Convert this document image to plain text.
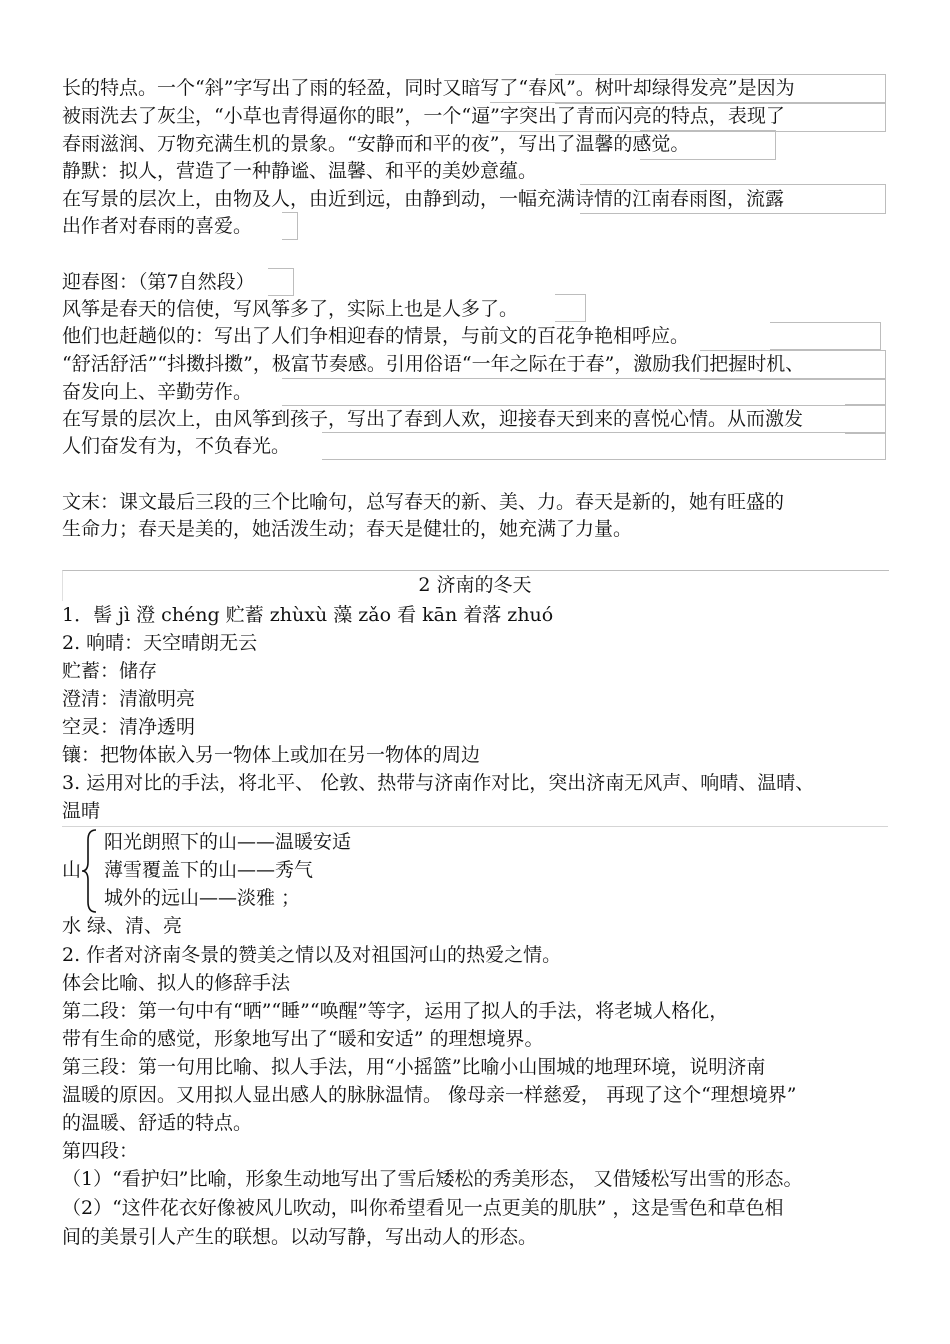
长的特点。一个“斜”字写出了雨的轻盈，同时又暗写了“春风”。树叶却绿得发亮”是因为
被雨洗去了灰尘，“小草也青得逼你的眼”，一个“逼”字突出了青而闪亮的特点，表现了
春雨滋润、万物充满生机的景象。“安静而和平的夜”，写出了温馨的感觉。
静默：拟人，营造了一种静谧、温馨、和平的美妙意蕴。
在写景的层次上，由物及人，由近到远，由静到动，一幅充满诗情的江南春雨图，流露
出作者对春雨的喜爱。
迎春图：（第7自然段）
风筝是春天的信使，写风筝多了，实际上也是人多了。
他们也赶趟似的：写出了人们争相迎春的情景，与前文的百花争艳相呼应。
“舒活舒活”“抖擞抖擞”，极富节奏感。引用俗语“一年之际在于春”，激励我们把握时机、
奋发向上、辛勤劳作。
在写景的层次上，由风筝到孩子，写出了春到人欢，迎接春天到来的喜悦心情。从而激发
人们奋发有为，不负春光。
文末：课文最后三段的三个比喻句，总写春天的新、美、力。春天是新的，她有旺盛的
生命力；春天是美的，她活泼生动；春天是健壮的，她充满了力量。
2 济南的冬天
1．髻 jì 澄 chéng 贮蓄 zhùxù 藻 zǎo 看 kān 着落 zhuó
2. 响晴：天空晴朗无云
贮蓄：储存
澄清：清澈明亮
空灵：清净透明
镶：把物体嵌入另一物体上或加在另一物体的周边
3. 运用对比的手法，将北平、 伦敦、热带与济南作对比，突出济南无风声、响晴、温晴、
温晴
山
阳光朗照下的山——温暖安适
薄雪覆盖下的山——秀气
城外的远山——淡雅 ；
水 绿、清、亮
2. 作者对济南冬景的赞美之情以及对祖国河山的热爱之情。
体会比喻、拟人的修辞手法
第二段：第一句中有“晒”“睡”“唤醒”等字，运用了拟人的手法，将老城人格化，
带有生命的感觉，形象地写出了“暖和安适” 的理想境界。
第三段：第一句用比喻、拟人手法，用“小摇篮”比喻小山围城的地理环境，说明济南
温暖的原因。又用拟人显出感人的脉脉温情。 像母亲一样慈爱， 再现了这个“理想境界”
的温暖、舒适的特点。
第四段：
（1）“看护妇”比喻，形象生动地写出了雪后矮松的秀美形态， 又借矮松写出雪的形态。
（2）“这件花衣好像被风儿吹动，叫你希望看见一点更美的肌肤” ，这是雪色和草色相
间的美景引人产生的联想。以动写静，写出动人的形态。
